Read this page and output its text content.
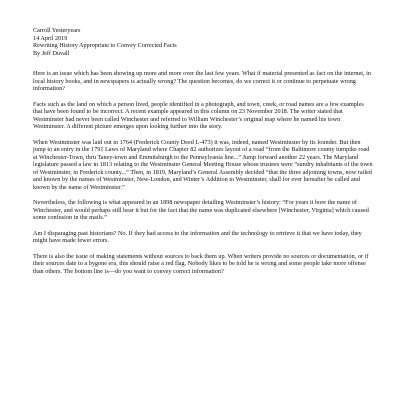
Carroll Yesteryears
14 April 2019
Rewriting History Appropriate to Convey Corrected Facts
By Jeff Duvall

Here is an issue which has been showing up more and more over the last few years. What if material presented as fact on the internet, in local history books, and in newspapers is actually wrong? The question becomes, do we correct it or continue to perpetuate wrong information?

Facts such as the land on which a person lived, people identified in a photograph, and town, creek, or road names are a few examples that have been found to be incorrect. A recent example appeared in this column on 23 November 2018. The writer stated that Westminster had never been called Winchester and referred to William Winchester’s original map where he named his town Westminster. A different picture emerges upon looking further into the story.

When Westminster was laid out in 1764 (Frederick County Deed L-473) it was, indeed, named Westminster by its founder. But then jump to an entry in the 1791 Laws of Maryland where Chapter 82 authorizes layout of a road “from the Baltimore county turnpike road at Winchester-Town, thru Taney-town and Emmitsburgh to the Pennsylvania line...” Jump forward another 22 years. The Maryland legislature passed a law in 1813 relating to the Westminster General Meeting House whose trustees were “sundry inhabitants of the town of Westminster, in Frederick county...” Then, in 1819, Maryland’s General Assembly decided “that the three adjoining towns, now railed and known by the names of Westminster, New-London, and Winter’s Addition to Westminster, shall for ever hereafter be called and known by the name of Westminster.”

Nevertheless, the following is what appeared in an 1898 newspaper detailing Westminster’s history: “For years it bore the name of Winchester, and would perhaps still bear it but for the fact that the name was duplicated elsewhere [Winchester, Virginia] which caused some confusion in the mails.”

Am I disparaging past historians? No. If they had access to the information and the technology to retrieve it that we have today, they might have made fewer errors.

There is also the issue of making statements without sources to back them up. When writers provide no sources or documentation, or if their sources date to a bygone era, this should raise a red flag. Nobody likes to be told he is wrong and some people take more offense than others. The bottom line is—do you want to convey correct information?
